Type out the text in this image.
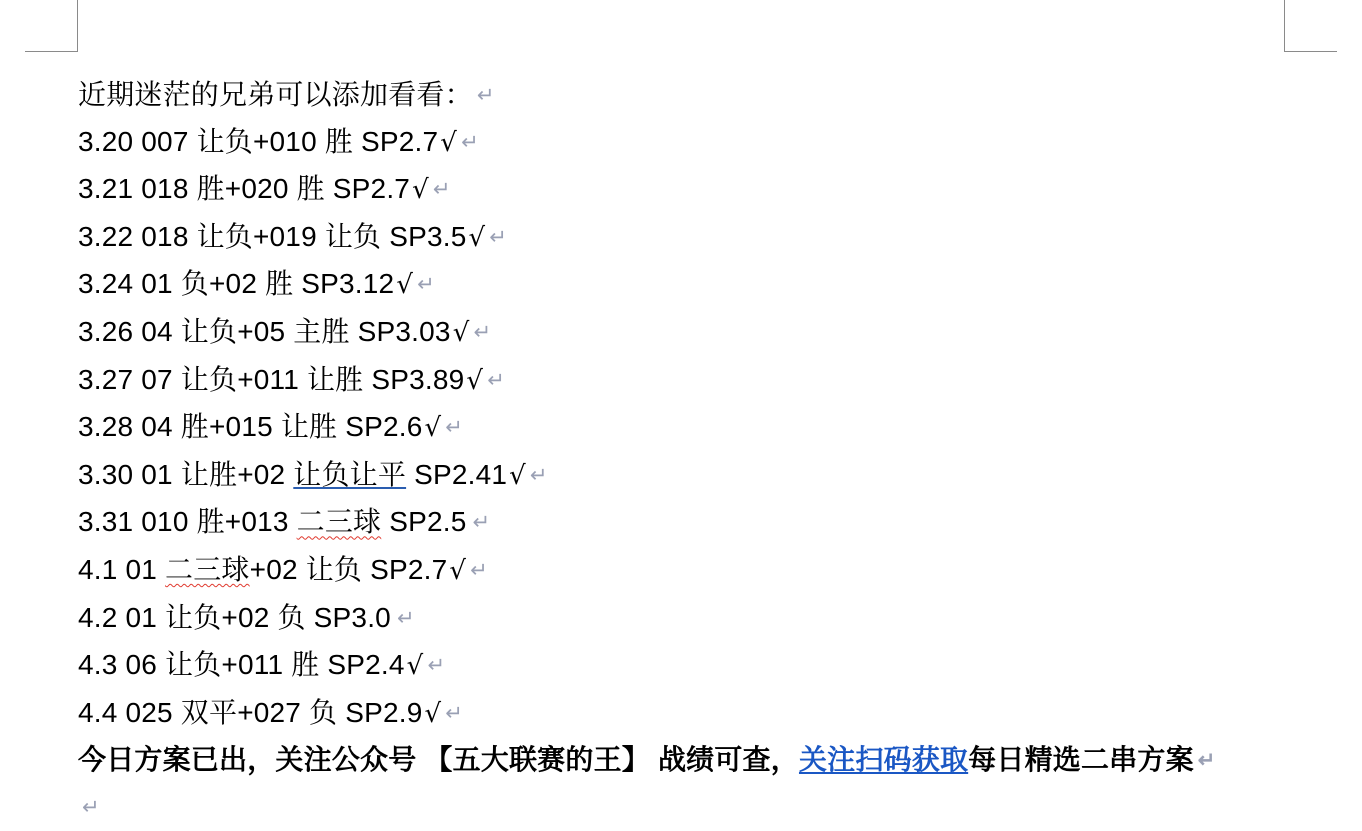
近期迷茫的兄弟可以添加看看： ↵
3.20 007 让负+010 胜 SP2.7√ ↵
3.21 018 胜+020 胜 SP2.7√ ↵
3.22 018 让负+019 让负 SP3.5√ ↵
3.24 01 负+02 胜 SP3.12√ ↵
3.26 04 让负+05 主胜 SP3.03√ ↵
3.27 07 让负+011 让胜 SP3.89√ ↵
3.28 04 胜+015 让胜 SP2.6√ ↵
3.30 01 让胜+02 让负让平 SP2.41√ ↵
3.31 010 胜+013 二三球 SP2.5 ↵
4.1 01 二三球+02 让负 SP2.7√ ↵
4.2 01 让负+02 负 SP3.0 ↵
4.3 06 让负+011 胜 SP2.4√ ↵
4.4 025 双平+027 负 SP2.9√ ↵
今日方案已出，关注公众号 【五大联赛的王】 战绩可查，关注扫码获取每日精选二串方案 ↵
↵
